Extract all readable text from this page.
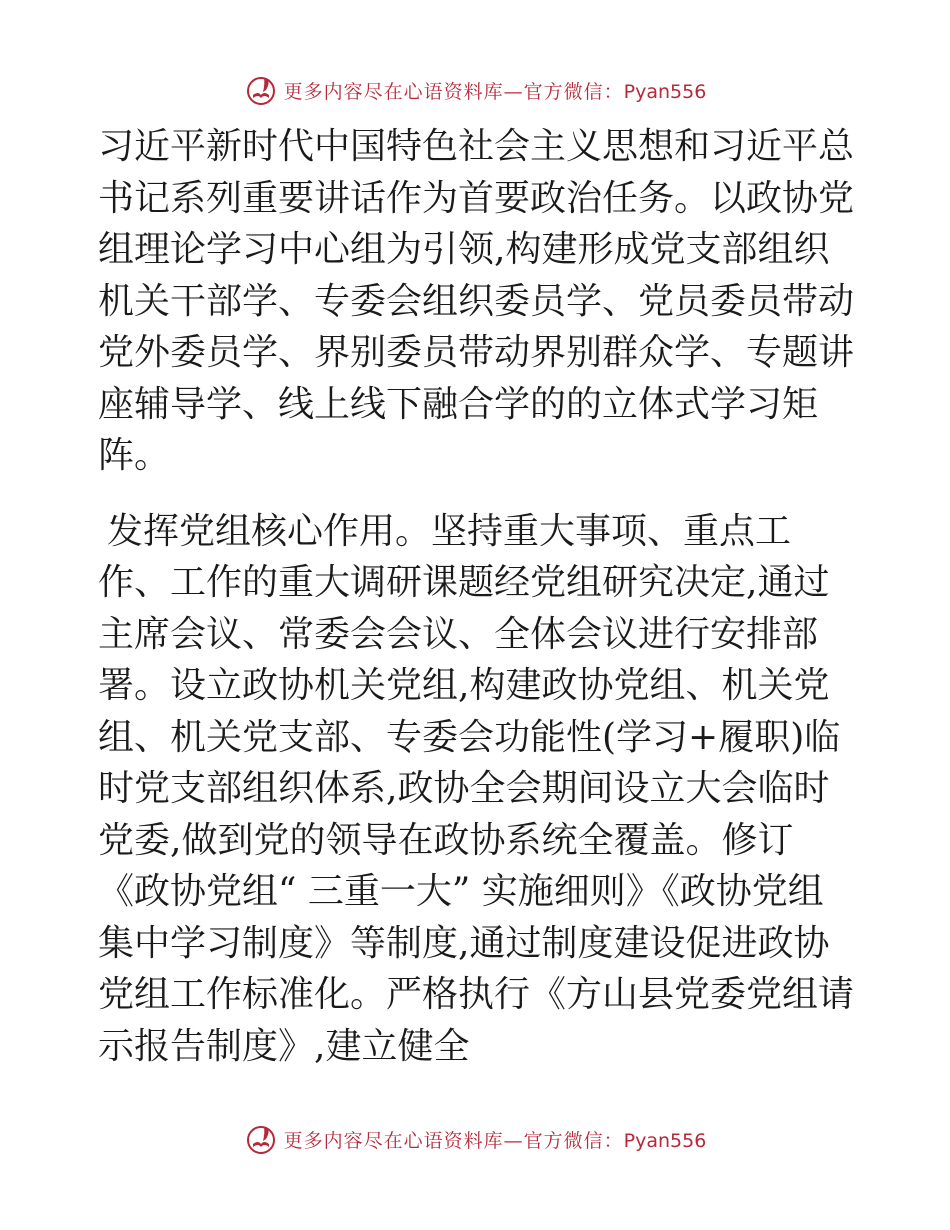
更多内容尽在心语资料库—官方微信：Pyan556

习近平新时代中国特色社会主义思想和习近平总书记系列重要讲话作为首要政治任务。以政协党组理论学习中心组为引领,构建形成党支部组织机关干部学、专委会组织委员学、党员委员带动党外委员学、界别委员带动界别群众学、专题讲座辅导学、线上线下融合学的的立体式学习矩阵。

发挥党组核心作用。坚持重大事项、重点工作、工作的重大调研课题经党组研究决定,通过主席会议、常委会会议、全体会议进行安排部署。设立政协机关党组,构建政协党组、机关党组、机关党支部、专委会功能性(学习+履职)临时党支部组织体系,政协全会期间设立大会临时党委,做到党的领导在政协系统全覆盖。修订《政协党组“ 三重一大” 实施细则》《政协党组集中学习制度》等制度,通过制度建设促进政协党组工作标准化。严格执行《方山县党委党组请示报告制度》,建立健全

更多内容尽在心语资料库—官方微信：Pyan556
